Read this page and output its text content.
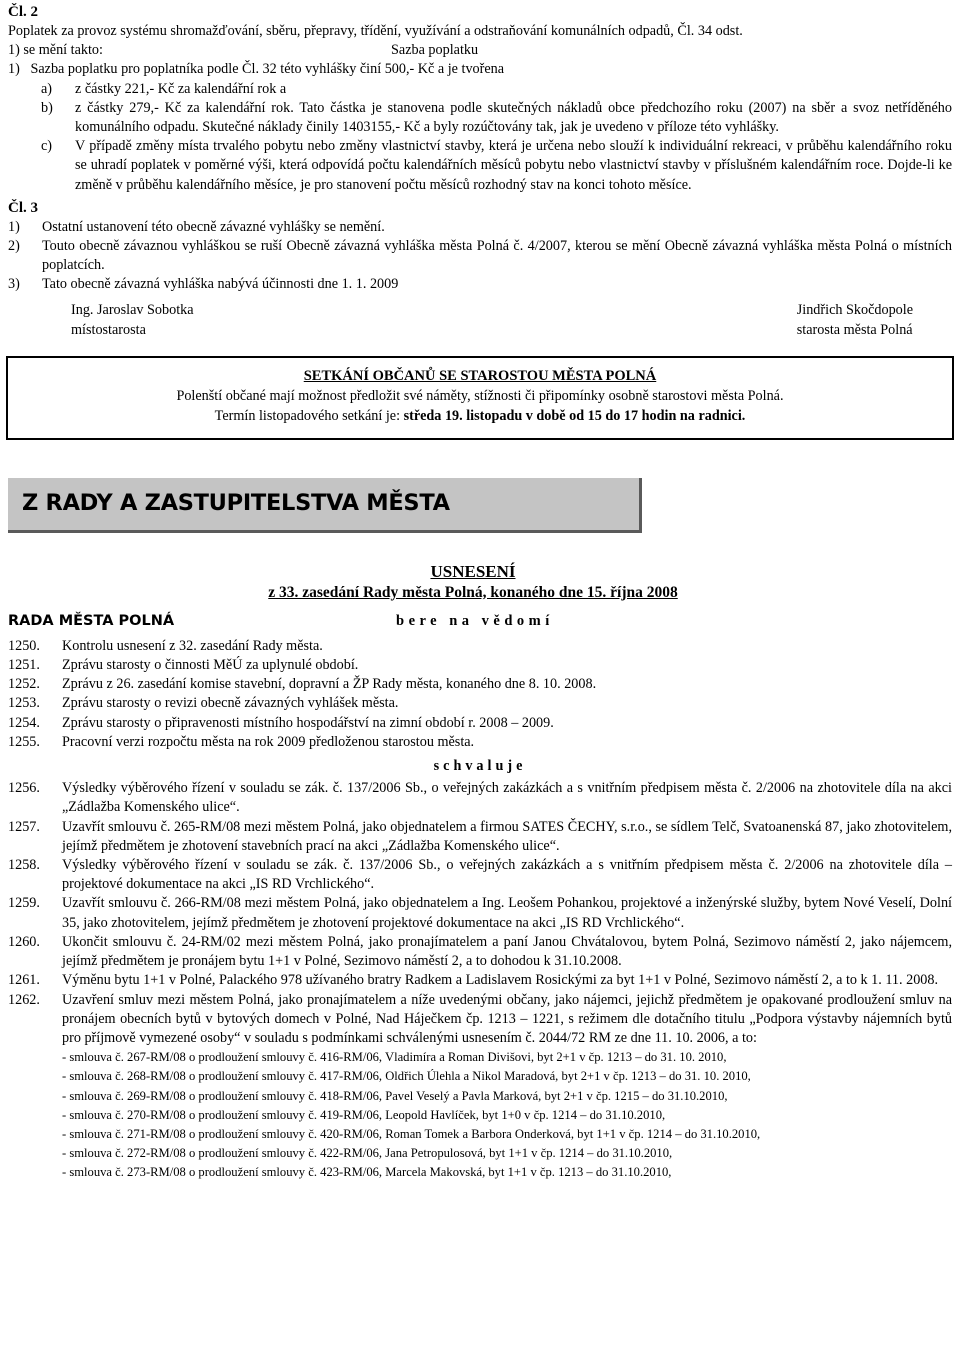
Čl. 2
Poplatek za provoz systému shromažďování, sběru, přepravy, třídění, využívání a odstraňování komunálních odpadů, Čl. 34 odst.
1) se mění takto:	Sazba poplatku
1)   Sazba poplatku pro poplatníka podle Čl. 32 této vyhlášky činí 500,- Kč a je tvořena
a)	z částky 221,- Kč za kalendářní rok a
b)	z částky 279,- Kč za kalendářní rok. Tato částka je stanovena podle skutečných nákladů obce předchozího roku (2007) na sběr a svoz netříděného komunálního odpadu. Skutečné náklady činily 1403155,- Kč a byly rozúčtovány tak, jak je uvedeno v příloze této vyhlášky.
c)	V případě změny místa trvalého pobytu nebo změny vlastnictví stavby, která je určena nebo slouží k individuální rekreaci, v průběhu kalendářního roku se uhradí poplatek v poměrné výši, která odpovídá počtu kalendářních měsíců pobytu nebo vlastnictví stavby v příslušném kalendářním roce. Dojde-li ke změně v průběhu kalendářního měsíce, je pro stanovení počtu měsíců rozhodný stav na konci tohoto měsíce.
Čl. 3
1)	Ostatní ustanovení této obecně závazné vyhlášky se nemění.
2)	Touto obecně závaznou vyhláškou se ruší Obecně závazná vyhláška města Polná č. 4/2007, kterou se mění Obecně závazná vyhláška města Polná o místních poplatcích.
3)	Tato obecně závazná vyhláška nabývá účinnosti dne 1. 1. 2009
Ing. Jaroslav Sobotka
místostarosta
Jindřich Skočdopole
starosta města Polná
SETKÁNÍ OBČANŮ SE STAROSTOU MĚSTA POLNÁ
Polenští občané mají možnost předložit své náměty, stížnosti či připomínky osobně starostovi města Polná.
Termín listopadového setkání je: středa 19. listopadu v době od 15 do 17 hodin na radnici.
Z RADY A ZASTUPITELSTVA MĚSTA
USNESENÍ
z 33. zasedání Rady města Polná, konaného dne 15. října 2008
RADA MĚSTA POLNÁ	bere na vědomí
1250.	Kontrolu usnesení z 32. zasedání Rady města.
1251.	Zprávu starosty o činnosti MěÚ za uplynulé období.
1252.	Zprávu z 26. zasedání komise stavební, dopravní a ŽP Rady města, konaného dne 8. 10. 2008.
1253.	Zprávu starosty o revizi obecně závazných vyhlášek města.
1254.	Zprávu starosty o připravenosti místního hospodářství na zimní období r. 2008 – 2009.
1255.	Pracovní verzi rozpočtu města na rok 2009 předloženou starostou města.
schvaluje
1256.	Výsledky výběrového řízení v souladu se zák. č. 137/2006 Sb., o veřejných zakázkách a s vnitřním předpisem města č. 2/2006 na zhotovitele díla na akci „Zádlažba Komenského ulice“.
1257.	Uzavřít smlouvu č. 265-RM/08 mezi městem Polná, jako objednatelem a firmou SATES ČECHY, s.r.o., se sídlem Telč, Svatoanenská 87, jako zhotovitelem, jejímž předmětem je zhotovení stavebních prací na akci „Zádlažba Komenského ulice“.
1258.	Výsledky výběrového řízení v souladu se zák. č. 137/2006 Sb., o veřejných zakázkách a s vnitřním předpisem města č. 2/2006 na zhotovitele díla – projektové dokumentace na akci „IS RD Vrchlického“.
1259.	Uzavřít smlouvu č. 266-RM/08 mezi městem Polná, jako objednatelem a Ing. Leošem Pohankou, projektové a inženýrské služby, bytem Nové Veselí, Dolní 35, jako zhotovitelem, jejímž předmětem je zhotovení projektové dokumentace na akci „IS RD Vrchlického“.
1260.	Ukončit smlouvu č. 24-RM/02 mezi městem Polná, jako pronajímatelem a paní Janou Chvátalovou, bytem Polná, Sezimovo náměstí 2, jako nájemcem, jejímž předmětem je pronájem bytu 1+1 v Polné, Sezimovo náměstí 2, a to dohodou k 31.10.2008.
1261.	Výměnu bytu 1+1 v Polné, Palackého 978 užívaného bratry Radkem a Ladislavem Rosickými za byt 1+1 v Polné, Sezimovo náměstí 2, a to k 1. 11. 2008.
1262.	Uzavření smluv mezi městem Polná, jako pronajímatelem a níže uvedenými občany, jako nájemci, jejichž předmětem je opakované prodloužení smluv na pronájem obecních bytů v bytových domech v Polné, Nad Háječkem čp. 1213 – 1221, s režimem dle dotačního titulu „Podpora výstavby nájemních bytů pro příjmově vymezené osoby“ v souladu s podmínkami schválenými usnesením č. 2044/72 RM ze dne 11. 10. 2006, a to:
- smlouva č. 267-RM/08 o prodloužení smlouvy č. 416-RM/06, Vladimíra a Roman Divišovi, byt 2+1 v čp. 1213 – do 31. 10. 2010,
- smlouva č. 268-RM/08 o prodloužení smlouvy č. 417-RM/06, Oldřich Úlehla a Nikol Maradová, byt 2+1 v čp. 1213 – do 31. 10. 2010,
- smlouva č. 269-RM/08 o prodloužení smlouvy č. 418-RM/06, Pavel Veselý a Pavla Marková, byt 2+1 v čp. 1215 – do 31.10.2010,
- smlouva č. 270-RM/08 o prodloužení smlouvy č. 419-RM/06, Leopold Havlíček, byt 1+0 v čp. 1214 – do 31.10.2010,
- smlouva č. 271-RM/08 o prodloužení smlouvy č. 420-RM/06, Roman Tomek a Barbora Onderková, byt 1+1 v čp. 1214 – do 31.10.2010,
- smlouva č. 272-RM/08 o prodloužení smlouvy č. 422-RM/06, Jana Petropulosová, byt 1+1 v čp. 1214 – do 31.10.2010,
- smlouva č. 273-RM/08 o prodloužení smlouvy č. 423-RM/06, Marcela Makovská, byt 1+1 v čp. 1213 – do 31.10.2010,
